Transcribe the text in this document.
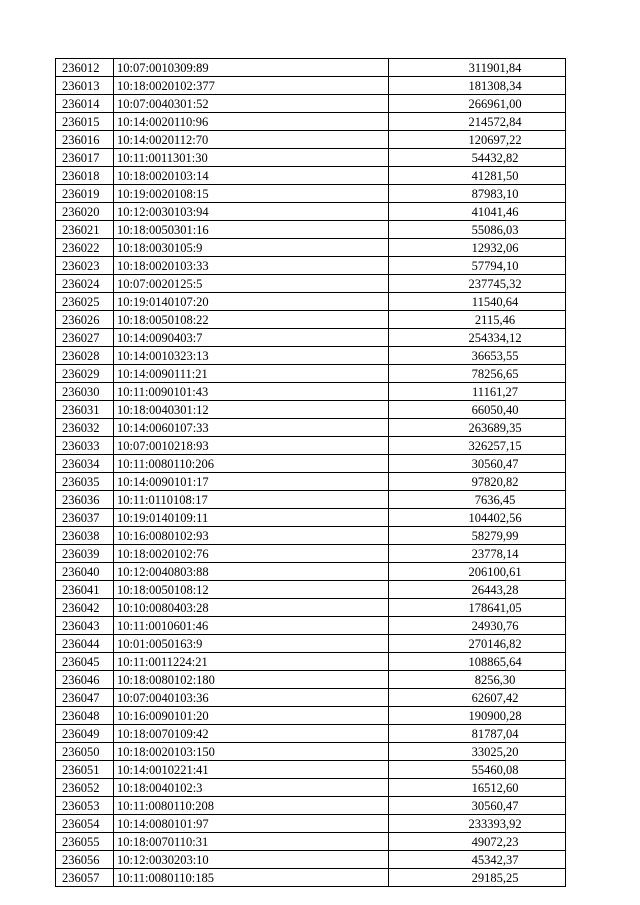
236012	10:07:0010309:89	311901,84
236013	10:18:0020102:377	181308,34
236014	10:07:0040301:52	266961,00
236015	10:14:0020110:96	214572,84
236016	10:14:0020112:70	120697,22
236017	10:11:0011301:30	54432,82
236018	10:18:0020103:14	41281,50
236019	10:19:0020108:15	87983,10
236020	10:12:0030103:94	41041,46
236021	10:18:0050301:16	55086,03
236022	10:18:0030105:9	12932,06
236023	10:18:0020103:33	57794,10
236024	10:07:0020125:5	237745,32
236025	10:19:0140107:20	11540,64
236026	10:18:0050108:22	2115,46
236027	10:14:0090403:7	254334,12
236028	10:14:0010323:13	36653,55
236029	10:14:0090111:21	78256,65
236030	10:11:0090101:43	11161,27
236031	10:18:0040301:12	66050,40
236032	10:14:0060107:33	263689,35
236033	10:07:0010218:93	326257,15
236034	10:11:0080110:206	30560,47
236035	10:14:0090101:17	97820,82
236036	10:11:0110108:17	7636,45
236037	10:19:0140109:11	104402,56
236038	10:16:0080102:93	58279,99
236039	10:18:0020102:76	23778,14
236040	10:12:0040803:88	206100,61
236041	10:18:0050108:12	26443,28
236042	10:10:0080403:28	178641,05
236043	10:11:0010601:46	24930,76
236044	10:01:0050163:9	270146,82
236045	10:11:0011224:21	108865,64
236046	10:18:0080102:180	8256,30
236047	10:07:0040103:36	62607,42
236048	10:16:0090101:20	190900,28
236049	10:18:0070109:42	81787,04
236050	10:18:0020103:150	33025,20
236051	10:14:0010221:41	55460,08
236052	10:18:0040102:3	16512,60
236053	10:11:0080110:208	30560,47
236054	10:14:0080101:97	233393,92
236055	10:18:0070110:31	49072,23
236056	10:12:0030203:10	45342,37
236057	10:11:0080110:185	29185,25
